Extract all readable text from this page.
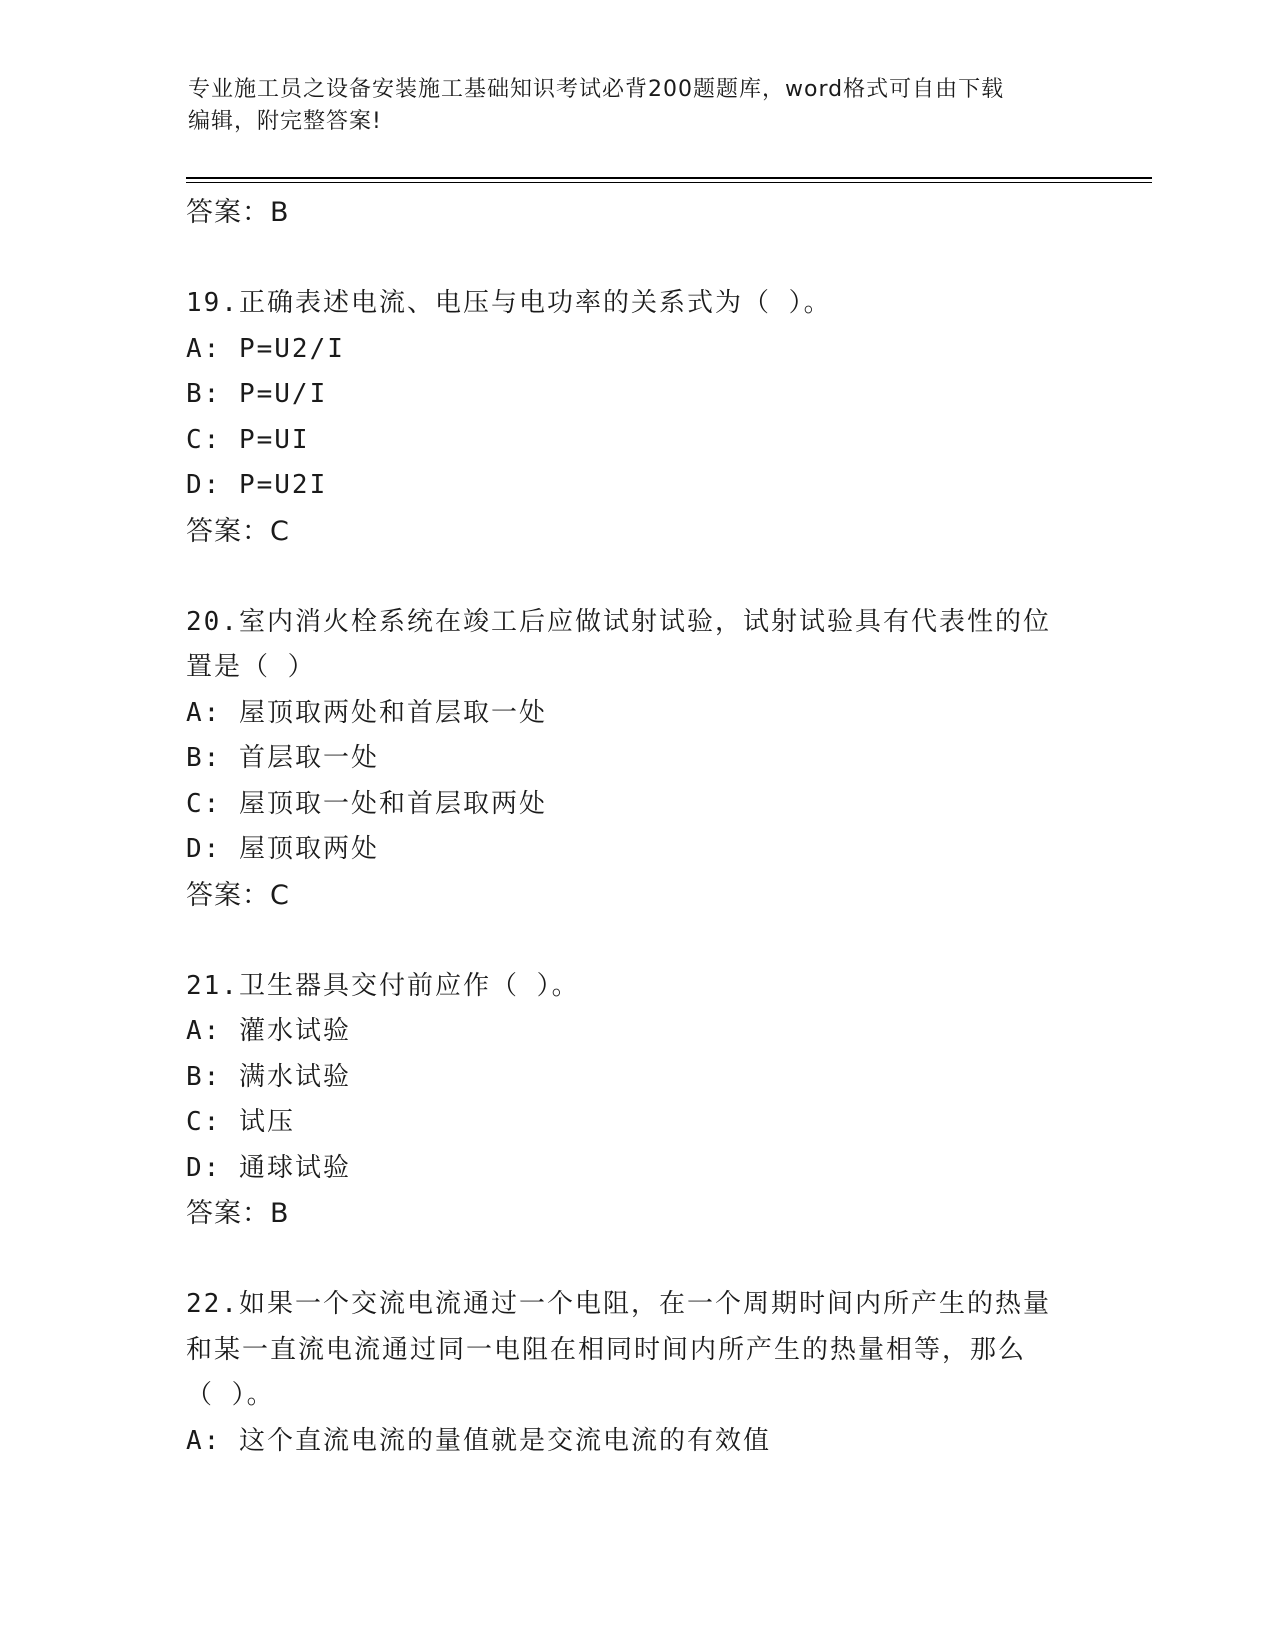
专业施工员之设备安装施工基础知识考试必背200题题库，word格式可自由下载
编辑，附完整答案!
答案：B
19.正确表述电流、电压与电功率的关系式为（ ）。
A: P=U2/I
B: P=U/I
C: P=UI
D: P=U2I
答案：C
20.室内消火栓系统在竣工后应做试射试验，试射试验具有代表性的位
置是（ ）
A: 屋顶取两处和首层取一处
B: 首层取一处
C: 屋顶取一处和首层取两处
D: 屋顶取两处
答案：C
21.卫生器具交付前应作（ ）。
A: 灌水试验
B: 满水试验
C: 试压
D: 通球试验
答案：B
22.如果一个交流电流通过一个电阻，在一个周期时间内所产生的热量
和某一直流电流通过同一电阻在相同时间内所产生的热量相等，那么
（ ）。
A: 这个直流电流的量值就是交流电流的有效值
